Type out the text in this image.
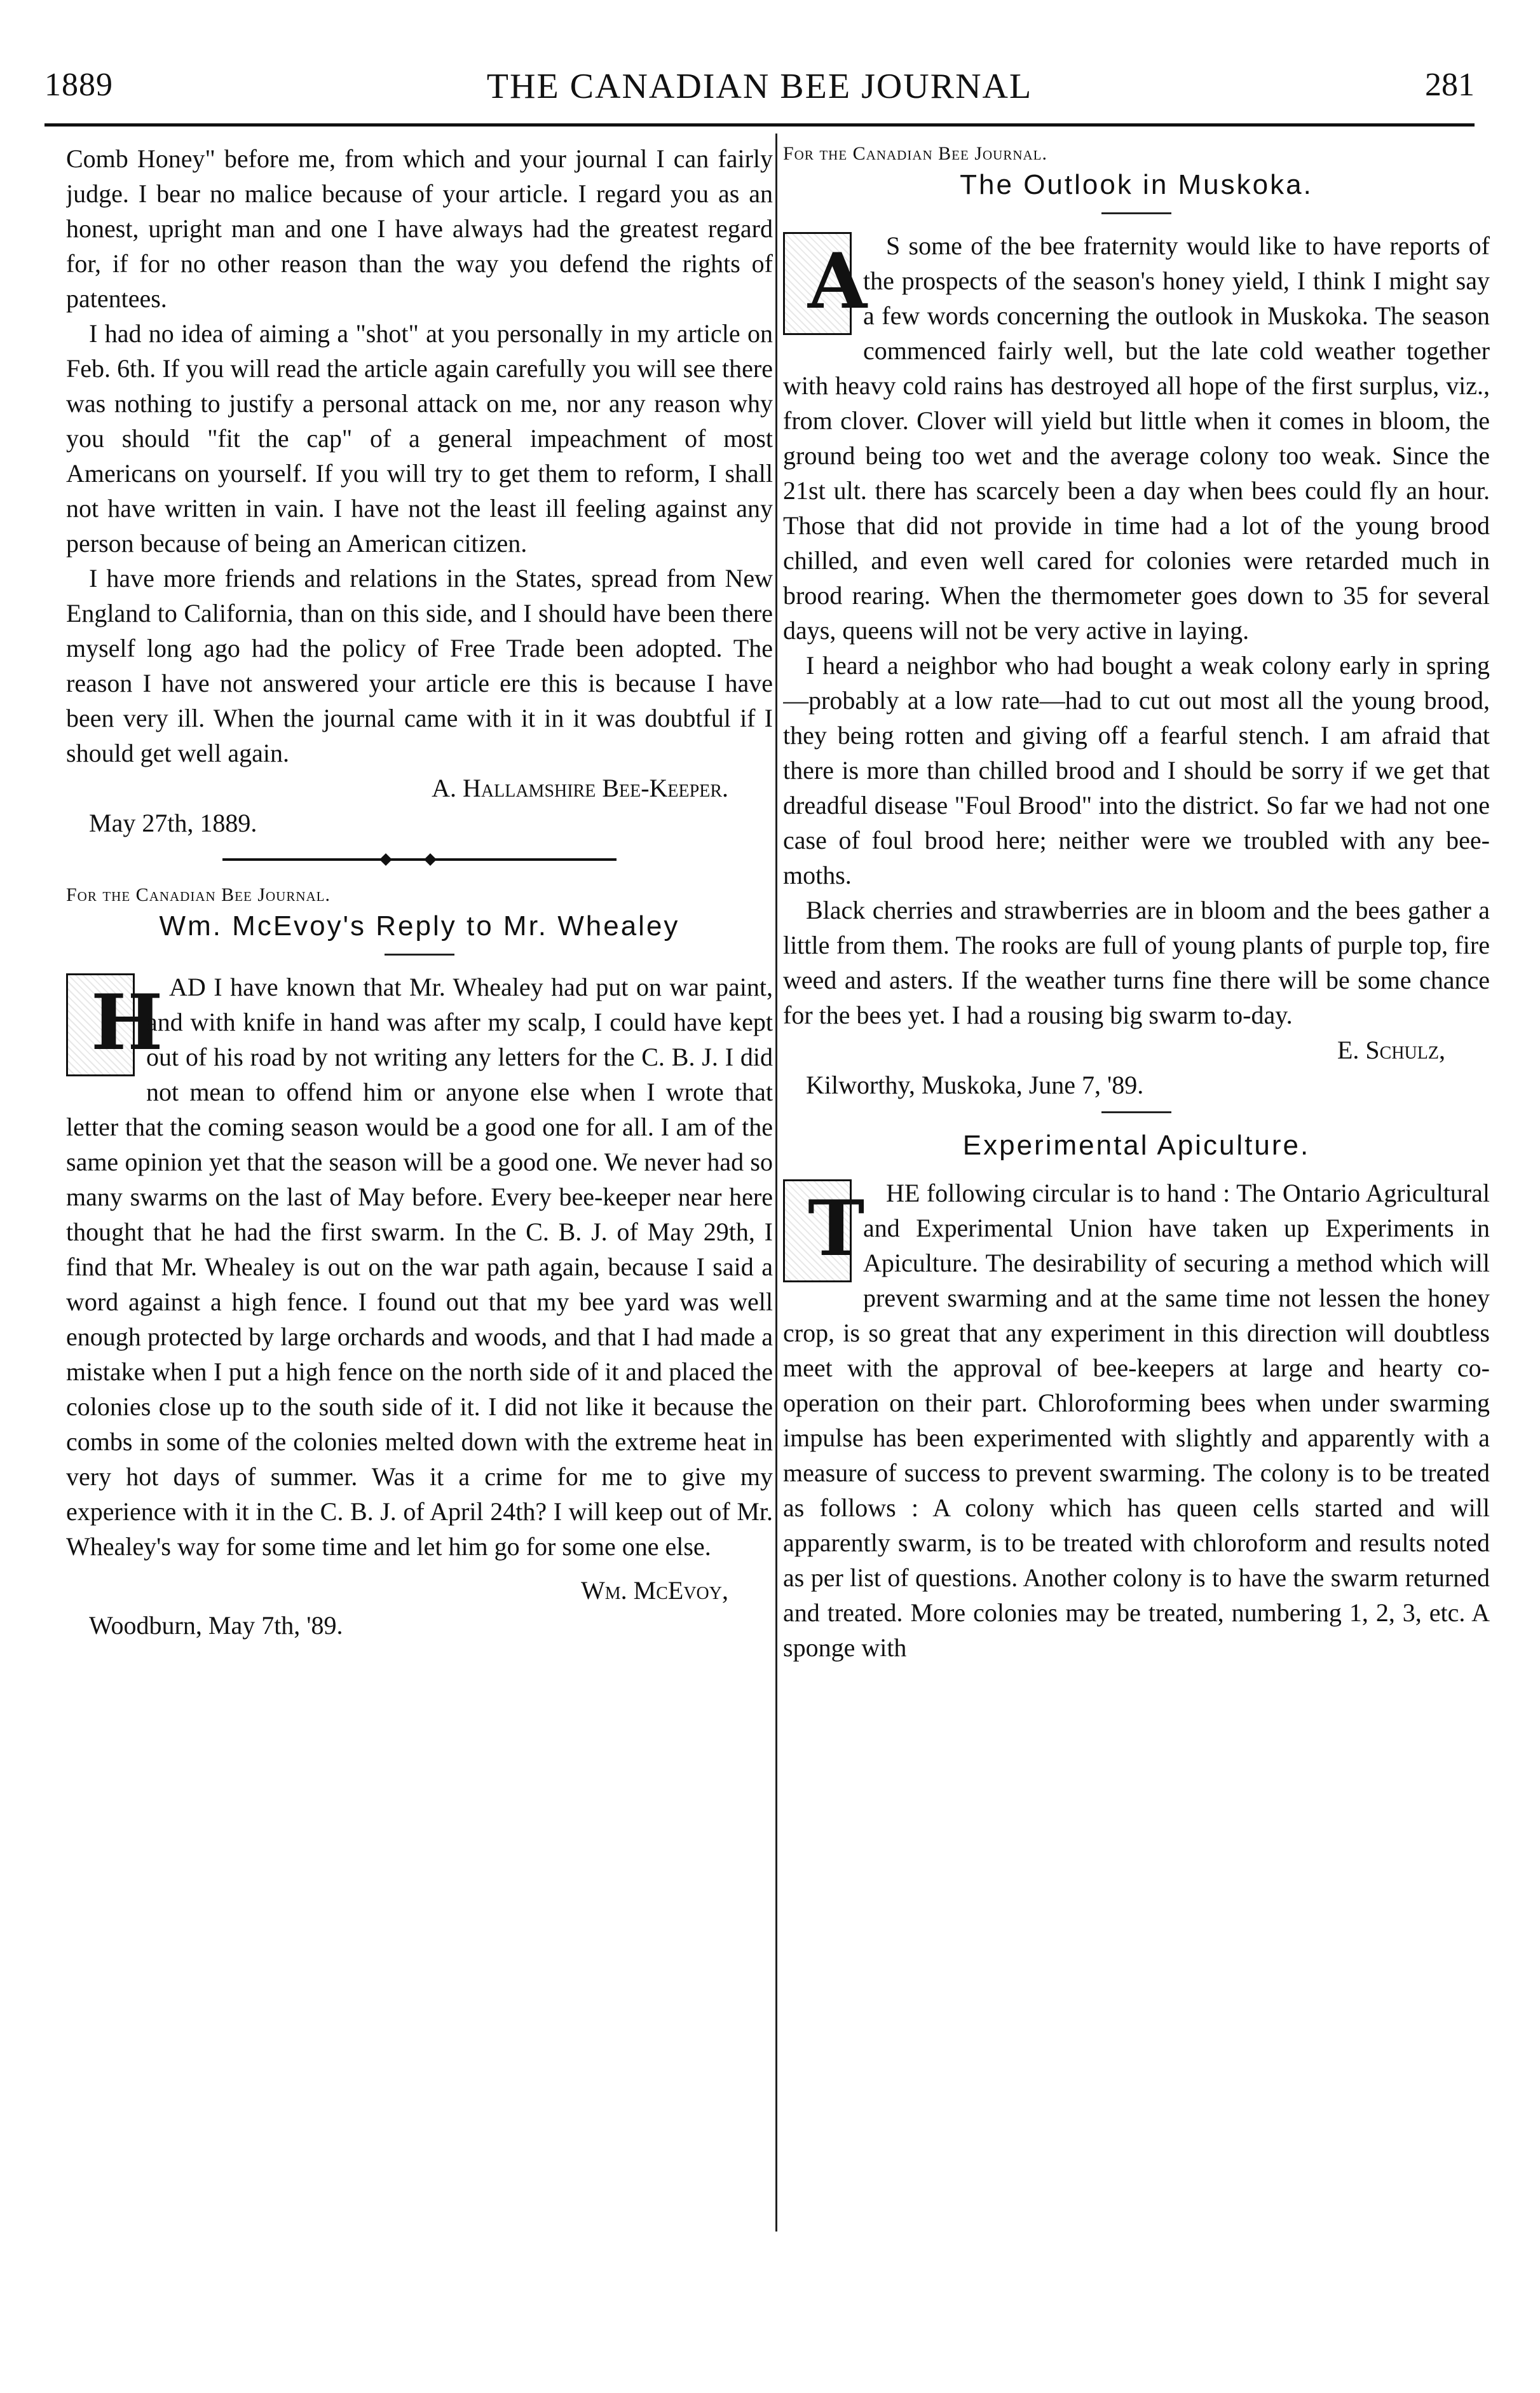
1889	THE CANADIAN BEE JOURNAL	281

Comb Honey" before me, from which and your journal I can fairly judge. I bear no malice because of your article. I regard you as an honest, upright man and one I have always had the greatest regard for, if for no other reason than the way you defend the rights of patentees.

I had no idea of aiming a "shot" at you personally in my article on Feb. 6th. If you will read the article again carefully you will see there was nothing to justify a personal attack on me, nor any reason why you should "fit the cap" of a general impeachment of most Americans on yourself. If you will try to get them to reform, I shall not have written in vain. I have not the least ill feeling against any person because of being an American citizen.

I have more friends and relations in the States, spread from New England to California, than on this side, and I should have been there myself long ago had the policy of Free Trade been adopted. The reason I have not answered your article ere this is because I have been very ill. When the journal came with it in it was doubtful if I should get well again.

A. Hallamshire Bee-Keeper.
May 27th, 1889.
For the Canadian Bee Journal.
Wm. McEvoy's Reply to Mr. Whealey

H AD I have known that Mr. Whealey had put on war paint, and with knife in hand was after my scalp, I could have kept out of his road by not writing any letters for the C. B. J. I did not mean to offend him or anyone else when I wrote that letter that the coming season would be a good one for all. I am of the same opinion yet that the season will be a good one. We never had so many swarms on the last of May before. Every bee-keeper near here thought that he had the first swarm. In the C. B. J. of May 29th, I find that Mr. Whealey is out on the war path again, because I said a word against a high fence. I found out that my bee yard was well enough protected by large orchards and woods, and that I had made a mistake when I put a high fence on the north side of it and placed the colonies close up to the south side of it. I did not like it because the combs in some of the colonies melted down with the extreme heat in very hot days of summer. Was it a crime for me to give my experience with it in the C. B. J. of April 24th? I will keep out of Mr. Whealey's way for some time and let him go for some one else.

Wm. McEvoy,
Woodburn, May 7th, '89.
For the Canadian Bee Journal.
The Outlook in Muskoka.

A S some of the bee fraternity would like to have reports of the prospects of the season's honey yield, I think I might say a few words concerning the outlook in Muskoka. The season commenced fairly well, but the late cold weather together with heavy cold rains has destroyed all hope of the first surplus, viz., from clover. Clover will yield but little when it comes in bloom, the ground being too wet and the average colony too weak. Since the 21st ult. there has scarcely been a day when bees could fly an hour. Those that did not provide in time had a lot of the young brood chilled, and even well cared for colonies were retarded much in brood rearing. When the thermometer goes down to 35 for several days, queens will not be very active in laying.

I heard a neighbor who had bought a weak colony early in spring—probably at a low rate—had to cut out most all the young brood, they being rotten and giving off a fearful stench. I am afraid that there is more than chilled brood and I should be sorry if we get that dreadful disease "Foul Brood" into the district. So far we had not one case of foul brood here; neither were we troubled with any bee-moths.

Black cherries and strawberries are in bloom and the bees gather a little from them. The rooks are full of young plants of purple top, fire weed and asters. If the weather turns fine there will be some chance for the bees yet. I had a rousing big swarm to-day.

E. Schulz,
Kilworthy, Muskoka, June 7, '89.
Experimental Apiculture.

T HE following circular is to hand : The Ontario Agricultural and Experimental Union have taken up Experiments in Apiculture. The desirability of securing a method which will prevent swarming and at the same time not lessen the honey crop, is so great that any experiment in this direction will doubtless meet with the approval of bee-keepers at large and hearty co-operation on their part. Chloroforming bees when under swarming impulse has been experimented with slightly and apparently with a measure of success to prevent swarming. The colony is to be treated as follows : A colony which has queen cells started and will apparently swarm, is to be treated with chloroform and results noted as per list of questions. Another colony is to have the swarm returned and treated. More colonies may be treated, numbering 1, 2, 3, etc. A sponge with
